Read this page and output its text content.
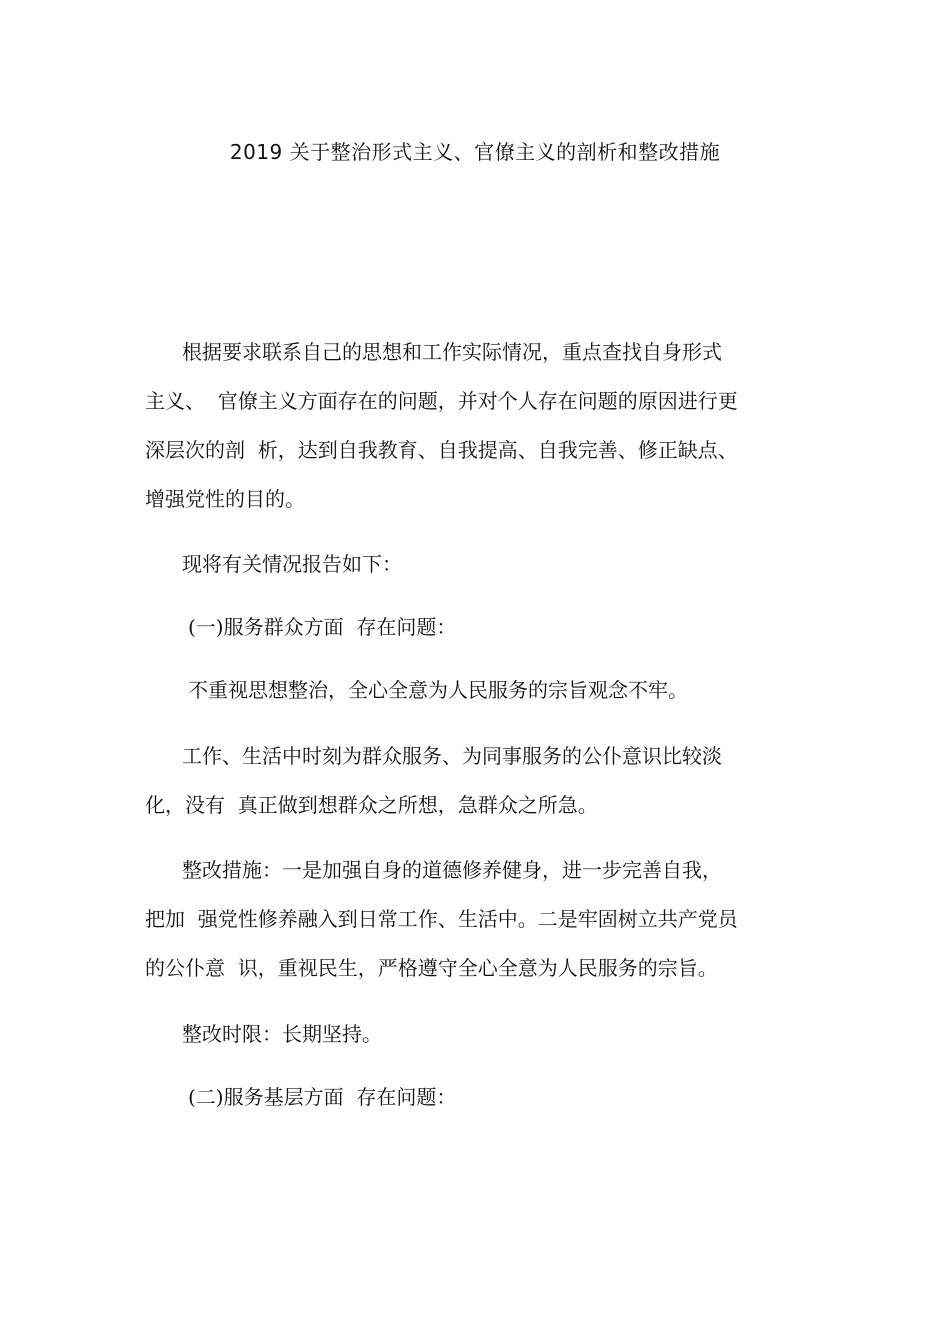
2019 关于整治形式主义、官僚主义的剖析和整改措施
根据要求联系自己的思想和工作实际情况，重点查找自身形式
主义、  官僚主义方面存在的问题，并对个人存在问题的原因进行更
深层次的剖  析，达到自我教育、自我提高、自我完善、修正缺点、
增强党性的目的。
现将有关情况报告如下：
(一)服务群众方面  存在问题：
不重视思想整治，全心全意为人民服务的宗旨观念不牢。
工作、生活中时刻为群众服务、为同事服务的公仆意识比较淡
化，没有  真正做到想群众之所想，急群众之所急。
整改措施：一是加强自身的道德修养健身，进一步完善自我，
把加  强党性修养融入到日常工作、生活中。二是牢固树立共产党员
的公仆意  识，重视民生，严格遵守全心全意为人民服务的宗旨。
整改时限：长期坚持。
(二)服务基层方面  存在问题：
